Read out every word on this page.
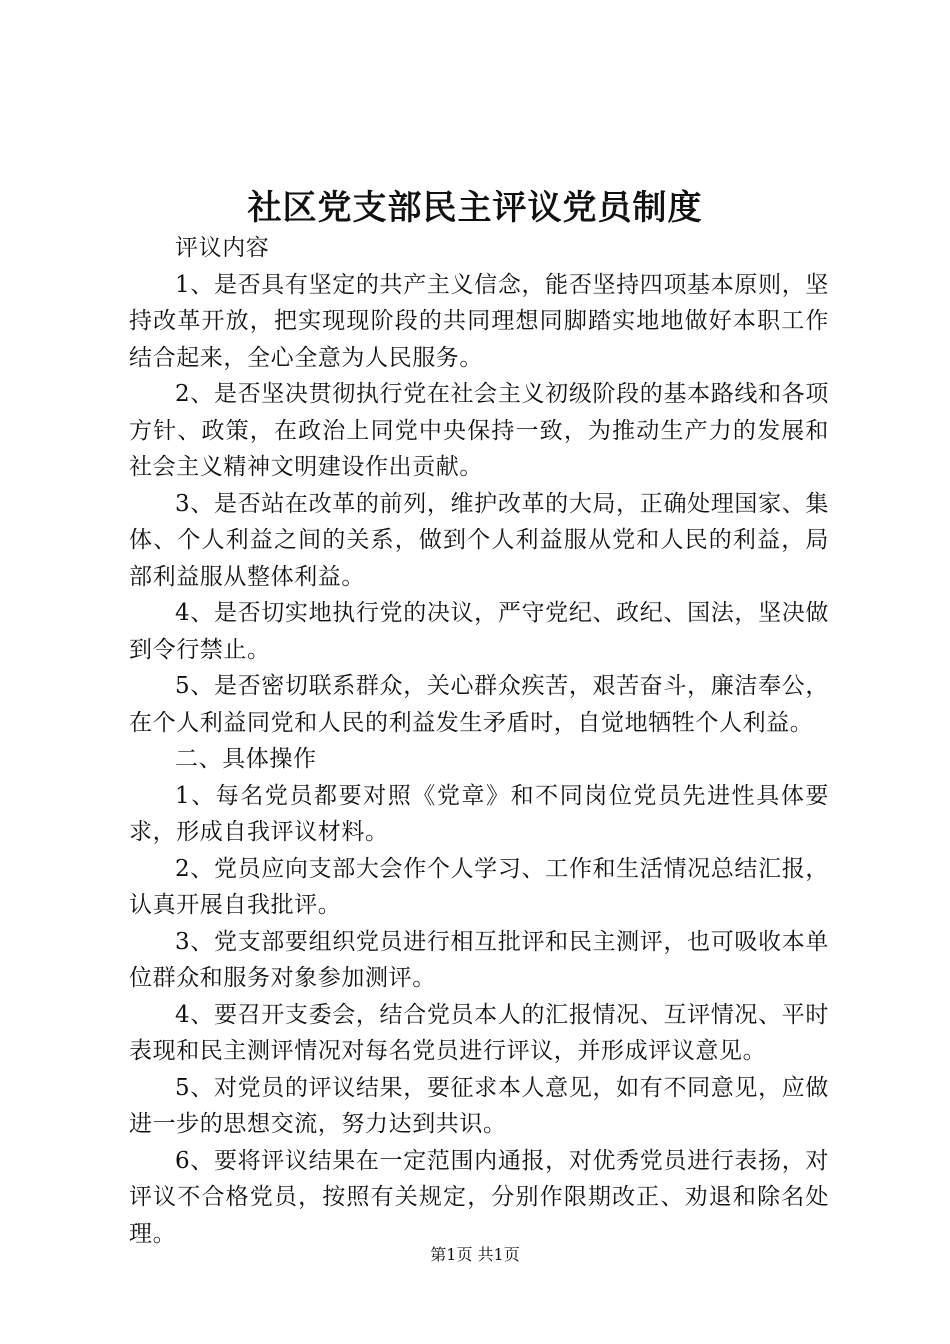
社区党支部民主评议党员制度

评议内容

1、是否具有坚定的共产主义信念，能否坚持四项基本原则，坚持改革开放，把实现现阶段的共同理想同脚踏实地地做好本职工作结合起来，全心全意为人民服务。

2、是否坚决贯彻执行党在社会主义初级阶段的基本路线和各项方针、政策，在政治上同党中央保持一致，为推动生产力的发展和社会主义精神文明建设作出贡献。

3、是否站在改革的前列，维护改革的大局，正确处理国家、集体、个人利益之间的关系，做到个人利益服从党和人民的利益，局部利益服从整体利益。

4、是否切实地执行党的决议，严守党纪、政纪、国法，坚决做到令行禁止。

5、是否密切联系群众，关心群众疾苦，艰苦奋斗，廉洁奉公，在个人利益同党和人民的利益发生矛盾时，自觉地牺牲个人利益。

二、具体操作

1、每名党员都要对照《党章》和不同岗位党员先进性具体要求，形成自我评议材料。

2、党员应向支部大会作个人学习、工作和生活情况总结汇报，认真开展自我批评。

3、党支部要组织党员进行相互批评和民主测评，也可吸收本单位群众和服务对象参加测评。

4、要召开支委会，结合党员本人的汇报情况、互评情况、平时表现和民主测评情况对每名党员进行评议，并形成评议意见。

5、对党员的评议结果，要征求本人意见，如有不同意见，应做进一步的思想交流，努力达到共识。

6、要将评议结果在一定范围内通报，对优秀党员进行表扬，对评议不合格党员，按照有关规定，分别作限期改正、劝退和除名处理。

第1页 共1页
